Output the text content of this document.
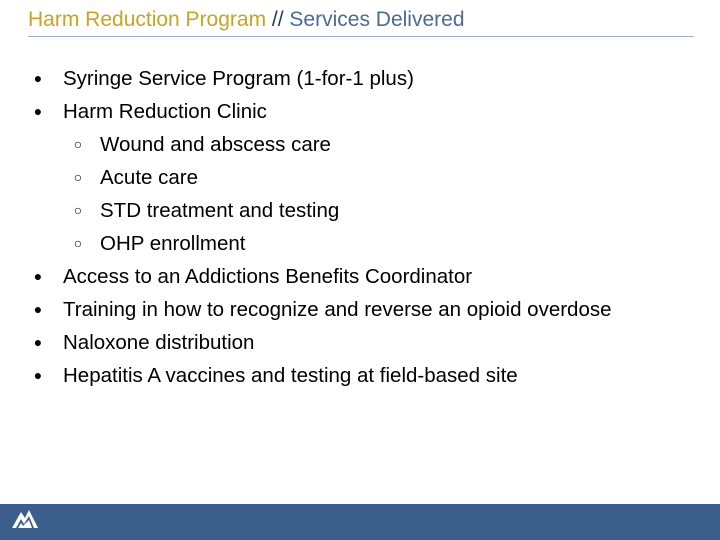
Harm Reduction Program // Services Delivered
● Syringe Service Program (1-for-1 plus)
● Harm Reduction Clinic
○ Wound and abscess care
○ Acute care
○ STD treatment and testing
○ OHP enrollment
● Access to an Addictions Benefits Coordinator
● Training in how to recognize and reverse an opioid overdose
● Naloxone distribution
● Hepatitis A vaccines and testing at field-based site
